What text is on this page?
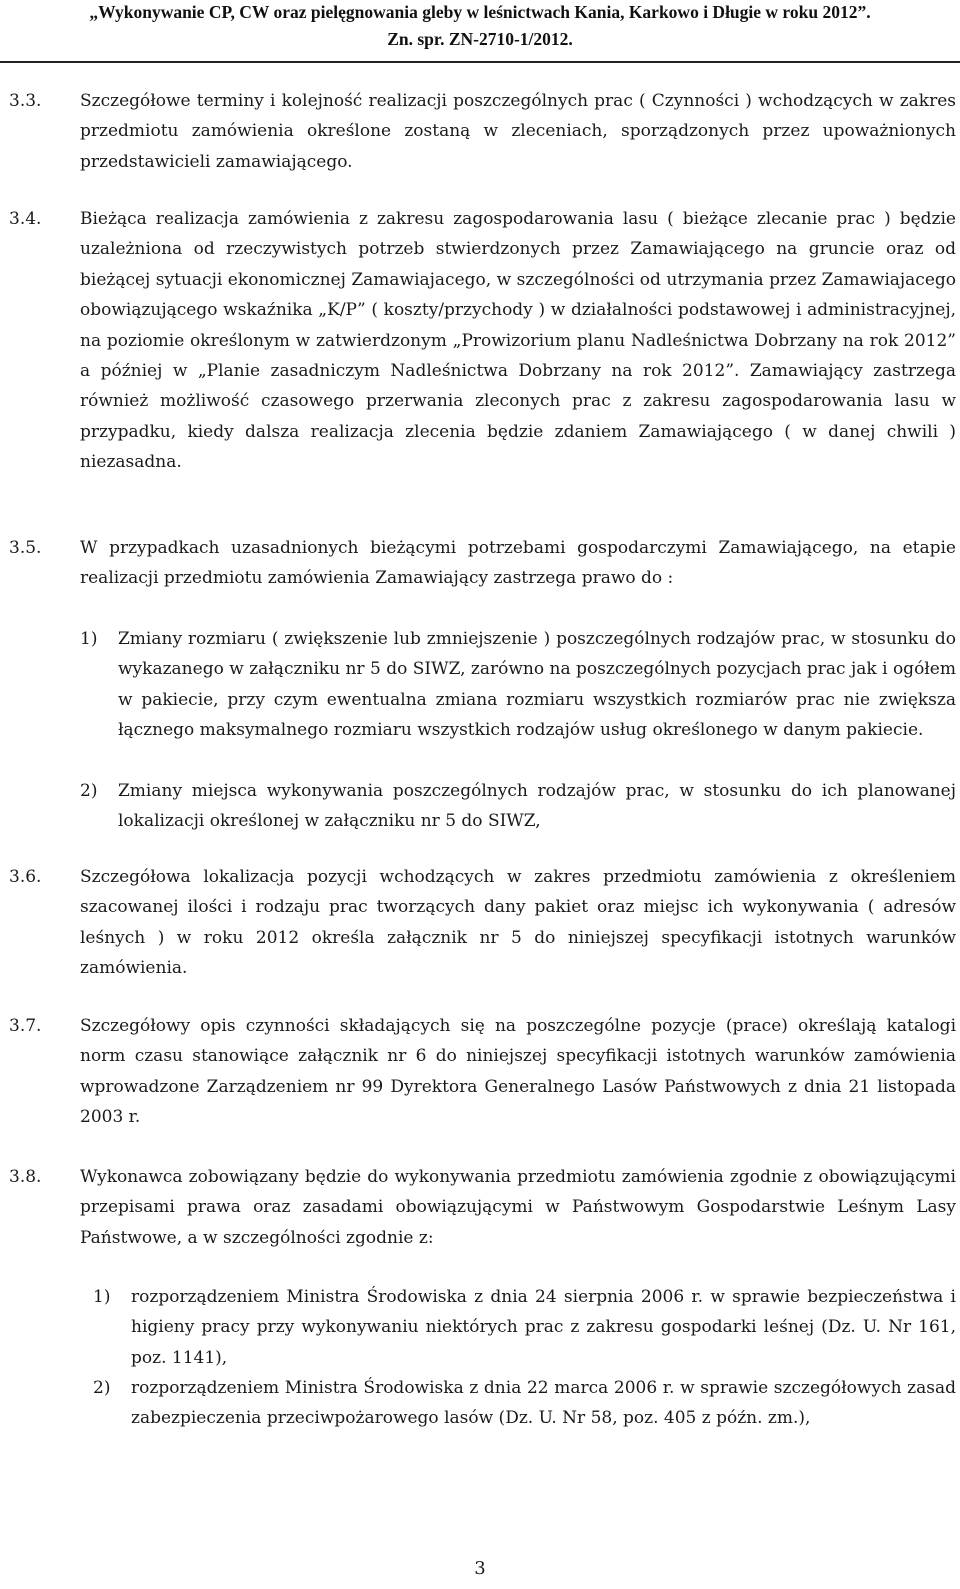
„Wykonywanie CP, CW oraz pielęgnowania gleby w leśnictwach Kania, Karkowo i Długie w roku 2012”.
Zn. spr. ZN-2710-1/2012.
3.3.	Szczegółowe terminy i kolejność realizacji poszczególnych prac ( Czynności ) wchodzących w zakres przedmiotu zamówienia określone zostaną w zleceniach, sporządzonych przez upoważnionych przedstawicieli zamawiającego.

3.4.	Bieżąca realizacja zamówienia z zakresu zagospodarowania lasu ( bieżące zlecanie prac ) będzie uzależniona od rzeczywistych potrzeb stwierdzonych przez Zamawiającego na gruncie oraz od bieżącej sytuacji ekonomicznej Zamawiajacego, w szczególności od utrzymania przez Zamawiajacego obowiązującego wskaźnika „K/P” ( koszty/przychody ) w działalności podstawowej i administracyjnej, na poziomie określonym w zatwierdzonym „Prowizorium planu Nadleśnictwa Dobrzany na rok 2012” a później w „Planie zasadniczym Nadleśnictwa Dobrzany na rok 2012”. Zamawiający zastrzega również możliwość czasowego przerwania zleconych prac z zakresu zagospodarowania lasu w przypadku, kiedy dalsza realizacja zlecenia będzie zdaniem Zamawiającego ( w danej chwili ) niezasadna.

3.5.	W przypadkach uzasadnionych bieżącymi potrzebami gospodarczymi Zamawiającego, na etapie realizacji przedmiotu zamówienia Zamawiający zastrzega prawo do :

1)	Zmiany rozmiaru ( zwiększenie lub zmniejszenie ) poszczególnych rodzajów prac, w stosunku do wykazanego w załączniku nr 5 do SIWZ, zarówno na poszczególnych pozycjach prac jak i ogółem w pakiecie, przy czym ewentualna zmiana rozmiaru wszystkich rozmiarów prac nie zwiększa łącznego maksymalnego rozmiaru wszystkich rodzajów usług określonego w danym pakiecie.

2)	Zmiany miejsca wykonywania poszczególnych rodzajów prac, w stosunku do ich planowanej lokalizacji określonej w załączniku nr 5 do SIWZ,

3.6.	Szczegółowa lokalizacja pozycji wchodzących w zakres przedmiotu zamówienia z określeniem szacowanej ilości i rodzaju prac tworzących dany pakiet oraz miejsc ich wykonywania ( adresów leśnych ) w roku 2012 określa załącznik nr 5 do niniejszej specyfikacji istotnych warunków zamówienia.

3.7.	Szczegółowy opis czynności składających się na poszczególne pozycje (prace) określają katalogi norm czasu stanowiące załącznik nr 6 do niniejszej specyfikacji istotnych warunków zamówienia wprowadzone Zarządzeniem nr 99 Dyrektora Generalnego Lasów Państwowych z dnia 21 listopada 2003 r.

3.8.	Wykonawca zobowiązany będzie do wykonywania przedmiotu zamówienia zgodnie z obowiązującymi przepisami prawa oraz zasadami obowiązującymi w Państwowym Gospodarstwie Leśnym Lasy Państwowe, a w szczególności zgodnie z:

1)	rozporządzeniem Ministra Środowiska z dnia 24 sierpnia 2006 r. w sprawie bezpieczeństwa i higieny pracy przy wykonywaniu niektórych prac z zakresu gospodarki leśnej (Dz. U. Nr 161, poz. 1141),

2)	rozporządzeniem Ministra Środowiska z dnia 22 marca 2006 r. w sprawie szczegółowych zasad zabezpieczenia przeciwpożarowego lasów (Dz. U. Nr 58, poz. 405 z późn. zm.),

3
